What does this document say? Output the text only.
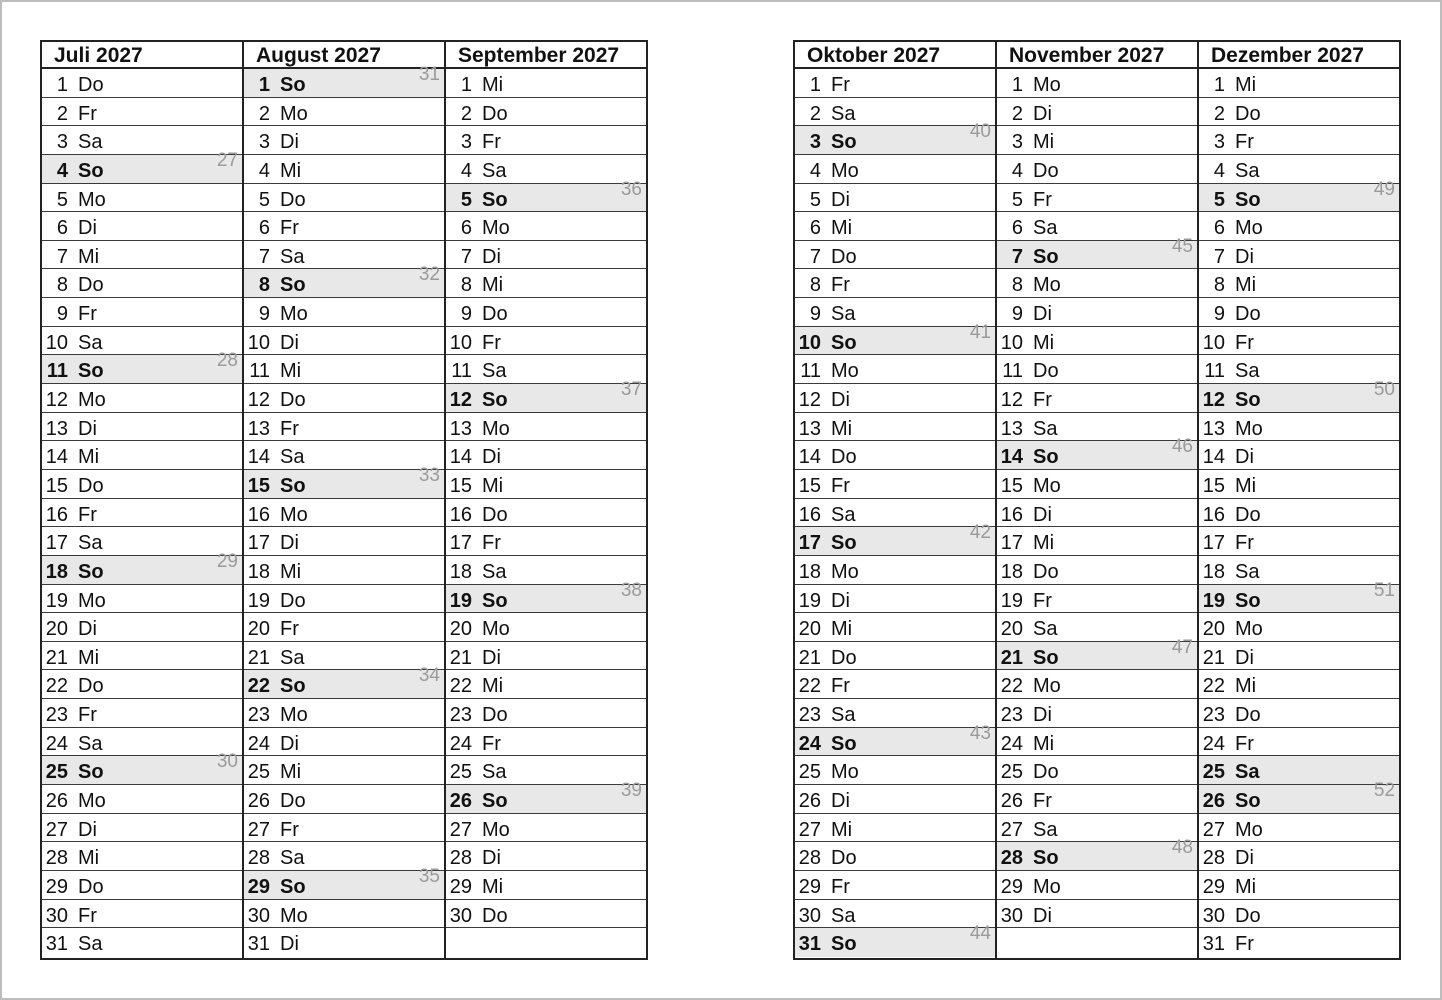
Juli 2027
1 Do
2 Fr
3 Sa
4 So	27
5 Mo
6 Di
7 Mi
8 Do
9 Fr
10 Sa
11 So	28
12 Mo
13 Di
14 Mi
15 Do
16 Fr
17 Sa
18 So	29
19 Mo
20 Di
21 Mi
22 Do
23 Fr
24 Sa
25 So	30
26 Mo
27 Di
28 Mi
29 Do
30 Fr
31 Sa
August 2027
1 So	31
2 Mo
3 Di
4 Mi
5 Do
6 Fr
7 Sa
8 So	32
9 Mo
10 Di
11 Mi
12 Do
13 Fr
14 Sa
15 So	33
16 Mo
17 Di
18 Mi
19 Do
20 Fr
21 Sa
22 So	34
23 Mo
24 Di
25 Mi
26 Do
27 Fr
28 Sa
29 So	35
30 Mo
31 Di
September 2027
1 Mi
2 Do
3 Fr
4 Sa
5 So	36
6 Mo
7 Di
8 Mi
9 Do
10 Fr
11 Sa
12 So	37
13 Mo
14 Di
15 Mi
16 Do
17 Fr
18 Sa
19 So	38
20 Mo
21 Di
22 Mi
23 Do
24 Fr
25 Sa
26 So	39
27 Mo
28 Di
29 Mi
30 Do
Oktober 2027
1 Fr
2 Sa
3 So	40
4 Mo
5 Di
6 Mi
7 Do
8 Fr
9 Sa
10 So	41
11 Mo
12 Di
13 Mi
14 Do
15 Fr
16 Sa
17 So	42
18 Mo
19 Di
20 Mi
21 Do
22 Fr
23 Sa
24 So	43
25 Mo
26 Di
27 Mi
28 Do
29 Fr
30 Sa
31 So	44
November 2027
1 Mo
2 Di
3 Mi
4 Do
5 Fr
6 Sa
7 So	45
8 Mo
9 Di
10 Mi
11 Do
12 Fr
13 Sa
14 So	46
15 Mo
16 Di
17 Mi
18 Do
19 Fr
20 Sa
21 So	47
22 Mo
23 Di
24 Mi
25 Do
26 Fr
27 Sa
28 So	48
29 Mo
30 Di
Dezember 2027
1 Mi
2 Do
3 Fr
4 Sa
5 So	49
6 Mo
7 Di
8 Mi
9 Do
10 Fr
11 Sa
12 So	50
13 Mo
14 Di
15 Mi
16 Do
17 Fr
18 Sa
19 So	51
20 Mo
21 Di
22 Mi
23 Do
24 Fr
25 Sa
26 So	52
27 Mo
28 Di
29 Mi
30 Do
31 Fr
